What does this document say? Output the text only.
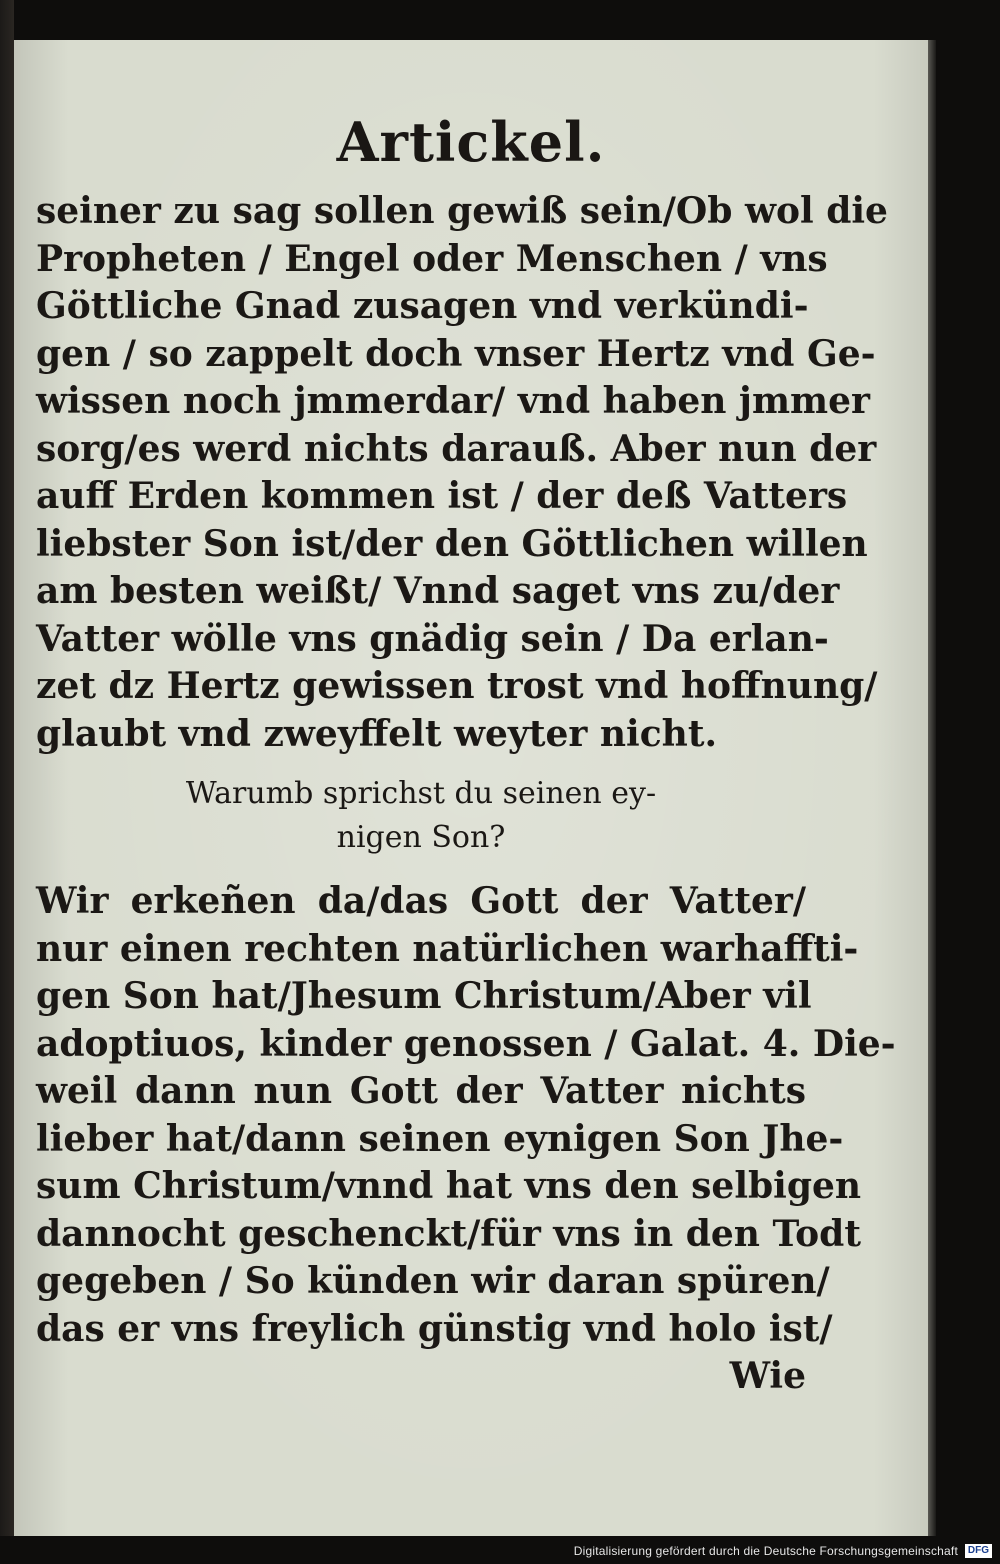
Artickel.
seiner zu sag sollen gewiß sein/Ob wol die
Propheten / Engel oder Menschen / vns
Göttliche Gnad zusagen vnd verkündi-
gen / so zappelt doch vnser Hertz vnd Ge-
wissen noch jmmerdar/ vnd haben jmmer
sorg/es werd nichts darauß. Aber nun der
auff Erden kommen ist / der deß Vatters
liebster Son ist/der den Göttlichen willen
am besten weißt/ Vnnd saget vns zu/der
Vatter wölle vns gnädig sein / Da erlan-
zet dz Hertz gewissen trost vnd hoffnung/
glaubt vnd zweyffelt weyter nicht.
Warumb sprichst du seinen ey-
nigen Son?
Wir erkeñen da/das Gott der Vatter/
nur einen rechten natürlichen warhaffti-
gen Son hat/Jhesum Christum/Aber vil
adoptiuos, kinder genossen / Galat. 4. Die-
weil dann nun Gott der Vatter nichts
lieber hat/dann seinen eynigen Son Jhe-
sum Christum/vnnd hat vns den selbigen
dannocht geschenckt/für vns in den Todt
gegeben / So künden wir daran spüren/
das er vns freylich günstig vnd holo ist/
Wie
Digitalisierung gefördert durch die Deutsche Forschungsgemeinschaft DFG
